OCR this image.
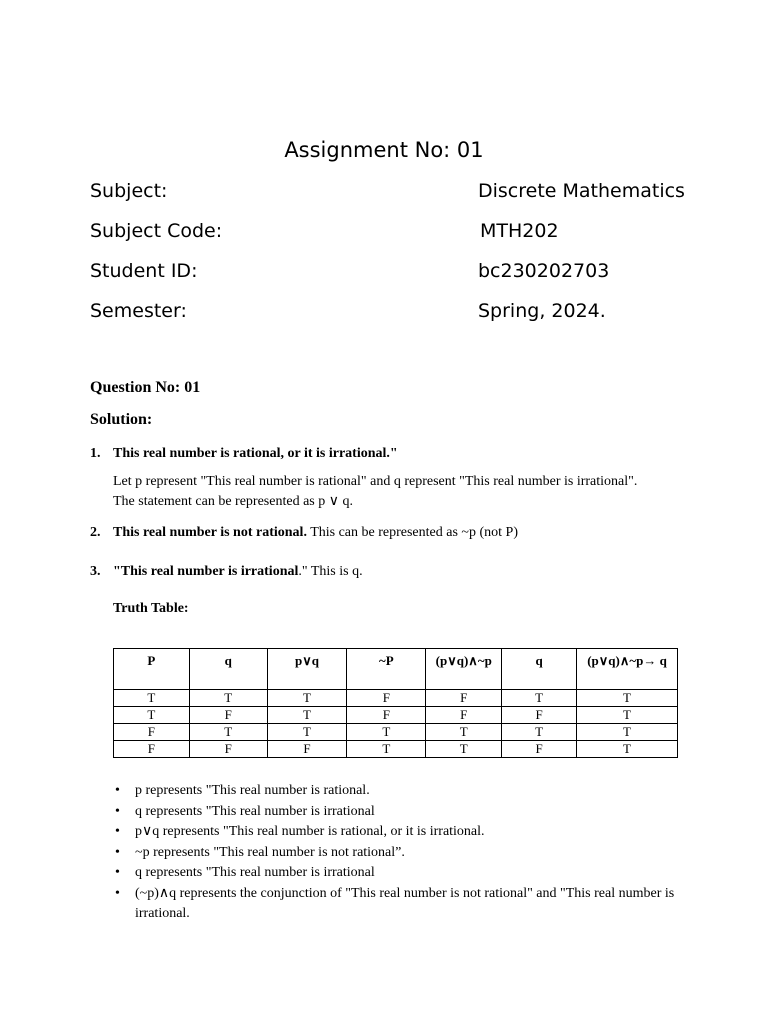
Assignment No: 01
Subject:	Discrete Mathematics
Subject Code:	MTH202
Student ID:	bc230202703
Semester:	Spring, 2024.
Question No: 01
Solution:
1. This real number is rational, or it is irrational."
Let p represent "This real number is rational" and q represent "This real number is irrational".
The statement can be represented as p ∨ q.
2. This real number is not rational. This can be represented as ~p (not P)
3. "This real number is irrational." This is q.
Truth Table:
P	q	p∨q	~P	(p∨q)∧~p	q	(p∨q)∧~p→ q
T	T	T	F	F	T	T
T	F	T	F	F	F	T
F	T	T	T	T	T	T
F	F	F	T	T	F	T
• p represents "This real number is rational.
• q represents "This real number is irrational
• p∨q represents "This real number is rational, or it is irrational.
• ~p represents "This real number is not rational”.
• q represents "This real number is irrational
• (~p)∧q represents the conjunction of "This real number is not rational" and "This real number is irrational.
